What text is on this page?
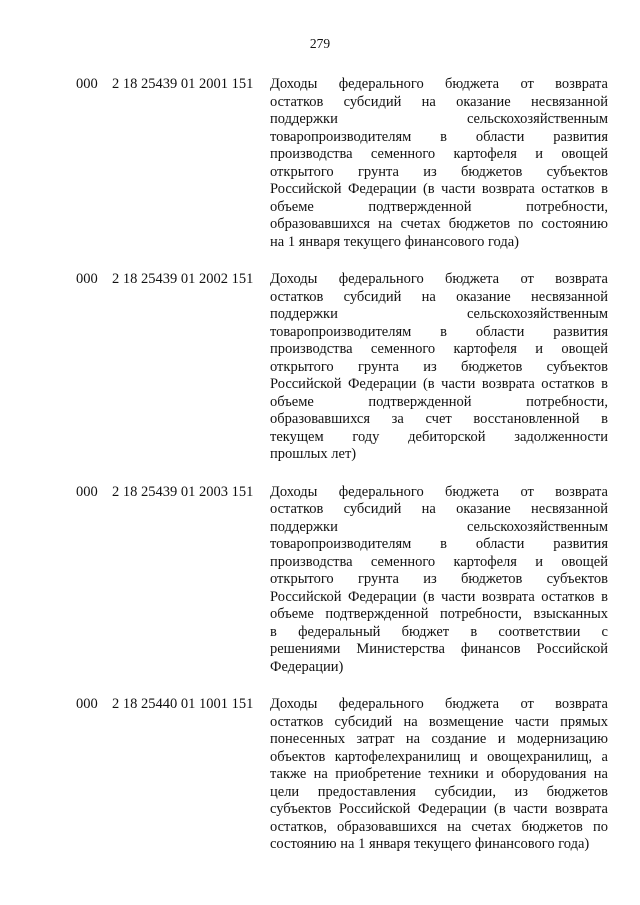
279
000 2 18 25439 01 2001 151 Доходы федерального бюджета от возврата
остатков субсидий на оказание несвязанной
поддержки сельскохозяйственным
товаропроизводителям в области развития
производства семенного картофеля и овощей
открытого грунта из бюджетов субъектов
Российской Федерации (в части возврата остатков в
объеме подтвержденной потребности,
образовавшихся на счетах бюджетов по состоянию
на 1 января текущего финансового года)
000 2 18 25439 01 2002 151 Доходы федерального бюджета от возврата
остатков субсидий на оказание несвязанной
поддержки сельскохозяйственным
товаропроизводителям в области развития
производства семенного картофеля и овощей
открытого грунта из бюджетов субъектов
Российской Федерации (в части возврата остатков в
объеме подтвержденной потребности,
образовавшихся за счет восстановленной в
текущем году дебиторской задолженности
прошлых лет)
000 2 18 25439 01 2003 151 Доходы федерального бюджета от возврата
остатков субсидий на оказание несвязанной
поддержки сельскохозяйственным
товаропроизводителям в области развития
производства семенного картофеля и овощей
открытого грунта из бюджетов субъектов
Российской Федерации (в части возврата остатков в
объеме подтвержденной потребности, взысканных
в федеральный бюджет в соответствии с
решениями Министерства финансов Российской
Федерации)
000 2 18 25440 01 1001 151 Доходы федерального бюджета от возврата
остатков субсидий на возмещение части прямых
понесенных затрат на создание и модернизацию
объектов картофелехранилищ и овощехранилищ, а
также на приобретение техники и оборудования на
цели предоставления субсидии, из бюджетов
субъектов Российской Федерации (в части возврата
остатков, образовавшихся на счетах бюджетов по
состоянию на 1 января текущего финансового года)
